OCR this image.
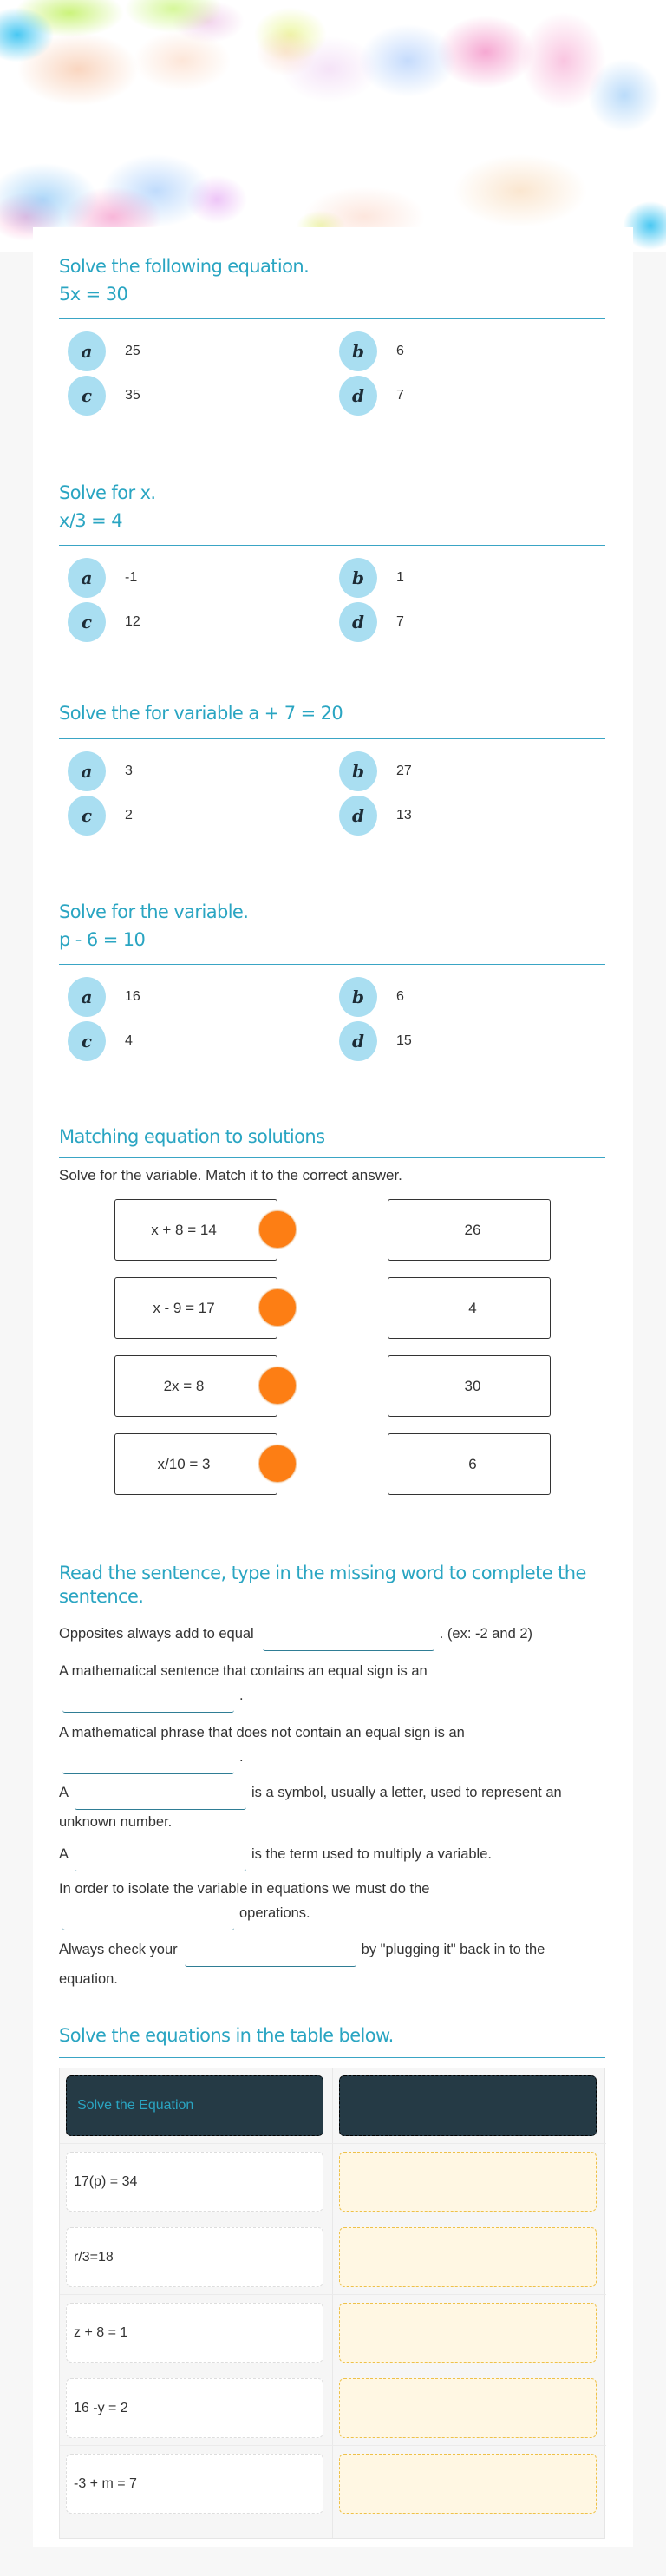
Solve the following equation.
5x = 30
a	25	b	6
c	35	d	7
Solve for x.
x/3 = 4
a	-1	b	1
c	12	d	7
Solve the for variable a + 7 = 20
a	3	b	27
c	2	d	13
Solve for the variable.
p - 6 = 10
a	16	b	6
c	4	d	15
Matching equation to solutions
Solve for the variable. Match it to the correct answer.
x + 8 = 14	26
x - 9 = 17	4
2x = 8	30
x/10 = 3	6
Read the sentence, type in the missing word to complete the sentence.
Opposites always add to equal	. (ex: -2 and 2)
A mathematical sentence that contains an equal sign is an
.
A mathematical phrase that does not contain an equal sign is an
.
A	is a symbol, usually a letter, used to represent an unknown number.
A	is the term used to multiply a variable.
In order to isolate the variable in equations we must do the
operations.
Always check your	by "plugging it" back in to the equation.
Solve the equations in the table below.
Solve the Equation
17(p) = 34
r/3=18
z + 8 = 1
16 -y = 2
-3 + m = 7
